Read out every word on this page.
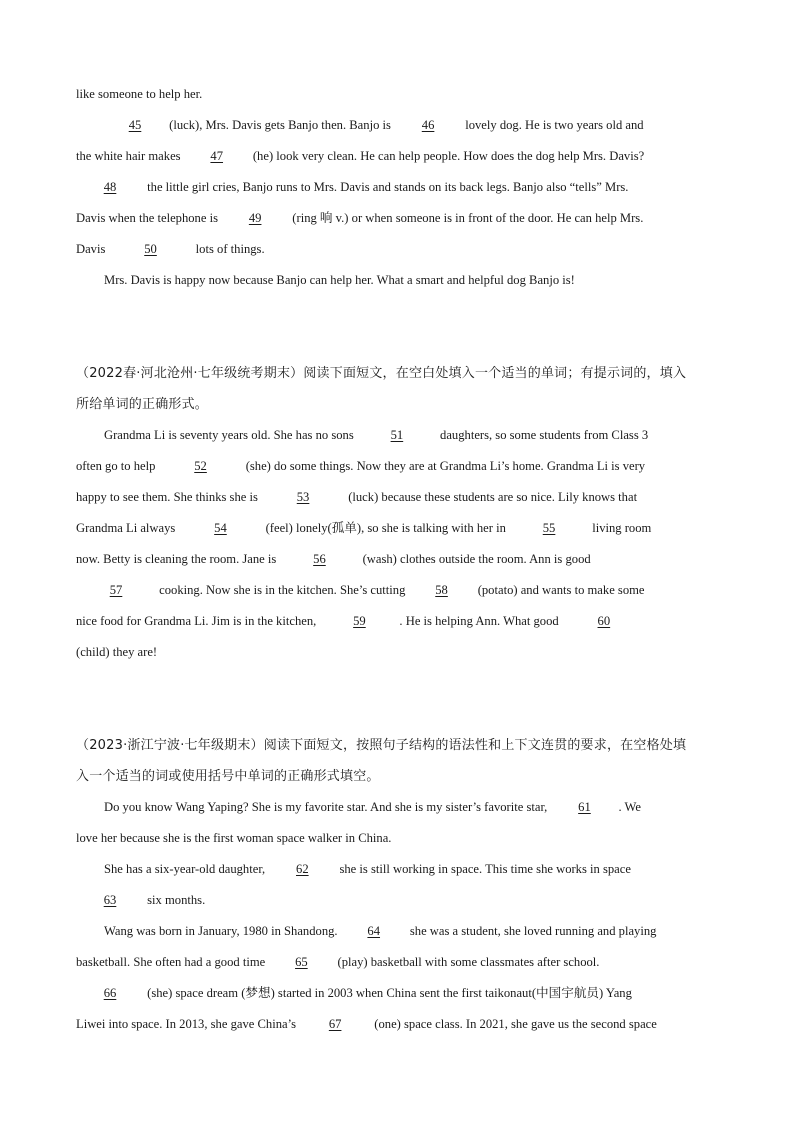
like someone to help her.
45 (luck), Mrs. Davis gets Banjo then. Banjo is 46 lovely dog. He is two years old and
the white hair makes 47 (he) look very clean. He can help people. How does the dog help Mrs. Davis?
48 the little girl cries, Banjo runs to Mrs. Davis and stands on its back legs. Banjo also “tells” Mrs.
Davis when the telephone is 49 (ring 响 v.) or when someone is in front of the door. He can help Mrs.
Davis	50	lots of things.
Mrs. Davis is happy now because Banjo can help her. What a smart and helpful dog Banjo is!
（2022春·河北沧州·七年级统考期末）阅读下面短文，在空白处填入一个适当的单词；有提示词的，填入
所给单词的正确形式。
Grandma Li is seventy years old. She has no sons	51	daughters, so some students from Class 3
often go to help	52	(she) do some things. Now they are at Grandma Li’s home. Grandma Li is very
happy to see them. She thinks she is	53	(luck) because these students are so nice. Lily knows that
Grandma Li always	54	(feel) lonely(孤单), so she is talking with her in	55	living room
now. Betty is cleaning the room. Jane is	56	(wash) clothes outside the room. Ann is good
57	cooking. Now she is in the kitchen. She’s cutting 58 (potato) and wants to make some
nice food for Grandma Li. Jim is in the kitchen,	59	. He is helping Ann. What good	60
(child) they are!
（2023·浙江宁波·七年级期末）阅读下面短文，按照句子结构的语法性和上下文连贯的要求，在空格处填
入一个适当的词或使用括号中单词的正确形式填空。
Do you know Wang Yaping? She is my favorite star. And she is my sister’s favorite star, 61 . We
love her because she is the first woman space walker in China.
She has a six-year-old daughter, 62 she is still working in space. This time she works in space
63 six months.
Wang was born in January, 1980 in Shandong. 64 she was a student, she loved running and playing
basketball. She often had a good time 65 (play) basketball with some classmates after school.
66 (she) space dream (梦想) started in 2003 when China sent the first taikonaut(中国宇航员) Yang
Liwei into space. In 2013, she gave China’s 67 (one) space class. In 2021, she gave us the second space
